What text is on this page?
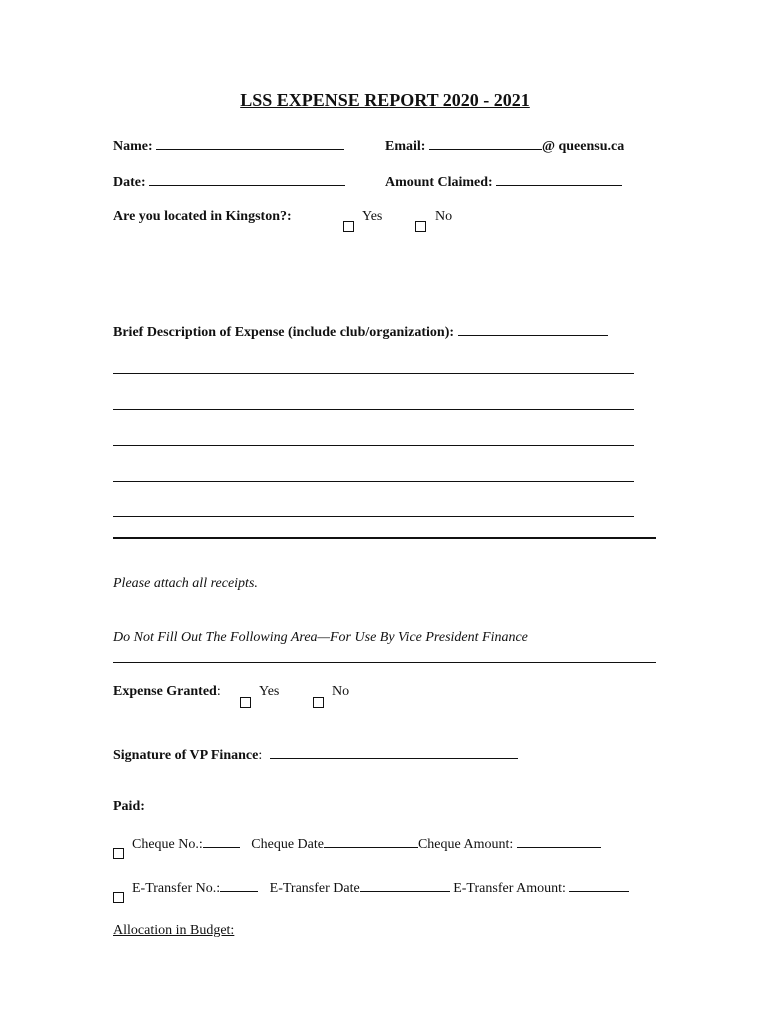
LSS EXPENSE REPORT 2020 - 2021
Name:	Email:	@ queensu.ca
Date:	Amount Claimed:
Are you located in Kingston?:	Yes	No
Brief Description of Expense (include club/organization):
Please attach all receipts.
Do Not Fill Out The Following Area—For Use By Vice President Finance
Expense Granted:	Yes	No
Signature of VP Finance:
Paid:
Cheque No.:	Cheque Date	Cheque Amount:
E-Transfer No.:	E-Transfer Date	E-Transfer Amount:
Allocation in Budget:
